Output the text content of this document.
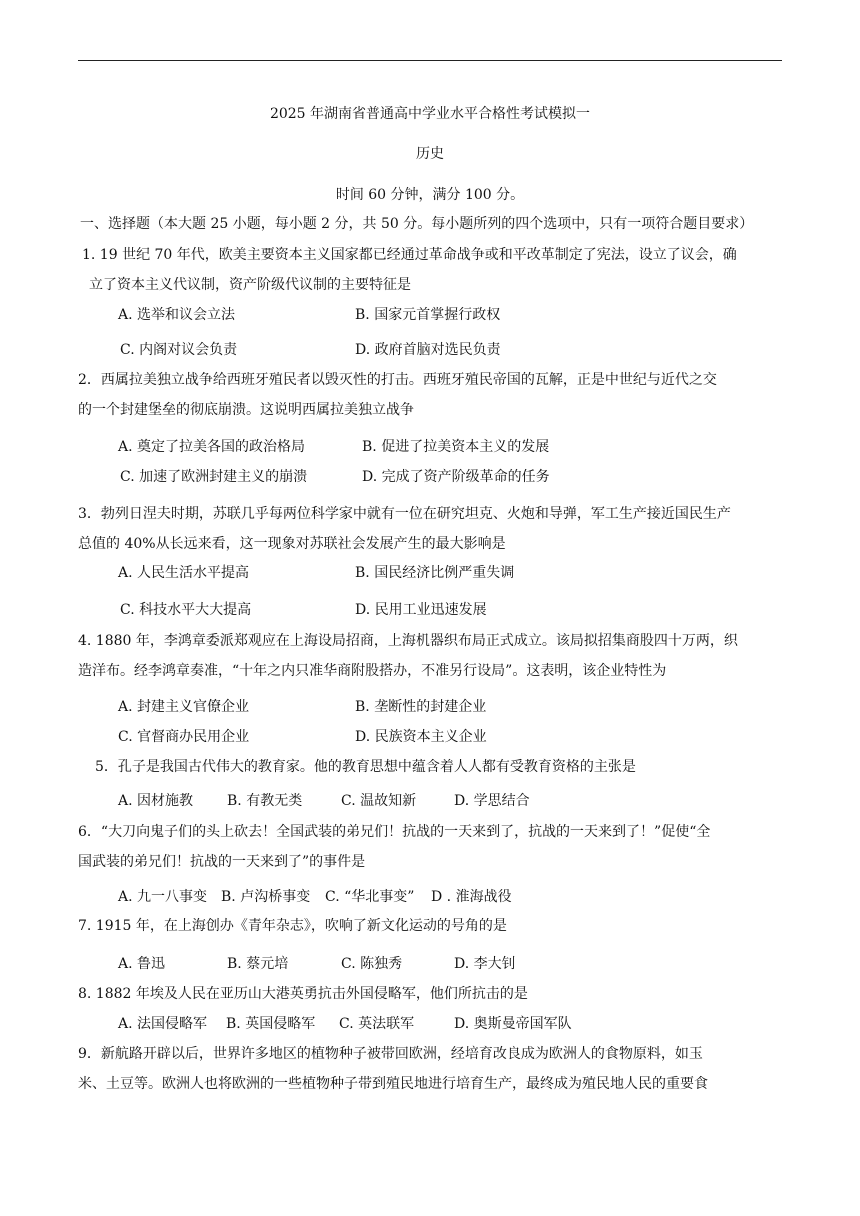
2025 年湖南省普通高中学业水平合格性考试模拟一
历史
时间 60 分钟，满分 100 分。
一、选择题（本大题 25 小题，每小题 2 分，共 50 分。每小题所列的四个选项中，只有一项符合题目要求）
1. 19 世纪 70 年代，欧美主要资本主义国家都已经通过革命战争或和平改革制定了宪法，设立了议会，确
立了资本主义代议制，资产阶级代议制的主要特征是
A. 选举和议会立法	B. 国家元首掌握行政权
C. 内阁对议会负责	D. 政府首脑对选民负责
2．西属拉美独立战争给西班牙殖民者以毁灭性的打击。西班牙殖民帝国的瓦解，正是中世纪与近代之交
的一个封建堡垒的彻底崩溃。这说明西属拉美独立战争
A. 奠定了拉美各国的政治格局	B. 促进了拉美资本主义的发展
C. 加速了欧洲封建主义的崩溃	D. 完成了资产阶级革命的任务
3．勃列日涅夫时期，苏联几乎每两位科学家中就有一位在研究坦克、火炮和导弹，军工生产接近国民生产
总值的 40%从长远来看，这一现象对苏联社会发展产生的最大影响是
A. 人民生活水平提高	B. 国民经济比例严重失调
C. 科技水平大大提高	D. 民用工业迅速发展
4. 1880 年，李鸿章委派郑观应在上海设局招商，上海机器织布局正式成立。该局拟招集商股四十万两，织
造洋布。经李鸿章奏准，“十年之内只准华商附股搭办，不准另行设局”。这表明，该企业特性为
A. 封建主义官僚企业	B. 垄断性的封建企业
C. 官督商办民用企业	D. 民族资本主义企业
5．孔子是我国古代伟大的教育家。他的教育思想中蕴含着人人都有受教育资格的主张是
A. 因材施教 B. 有教无类	C. 温故知新	D. 学思结合
6．“大刀向鬼子们的头上砍去！全国武装的弟兄们！抗战的一天来到了，抗战的一天来到了！”促使“全
国武装的弟兄们！抗战的一天来到了”的事件是
A. 九一八事变 B. 卢沟桥事变 C. “华北事变” D . 淮海战役
7. 1915 年，在上海创办《青年杂志》，吹响了新文化运动的号角的是
A. 鲁迅	B. 蔡元培	C. 陈独秀	D. 李大钊
8. 1882 年埃及人民在亚历山大港英勇抗击外国侵略军，他们所抗击的是
A. 法国侵略军 B. 英国侵略军 C. 英法联军	D. 奥斯曼帝国军队
9．新航路开辟以后，世界许多地区的植物种子被带回欧洲，经培育改良成为欧洲人的食物原料，如玉
米、土豆等。欧洲人也将欧洲的一些植物种子带到殖民地进行培育生产，最终成为殖民地人民的重要食
